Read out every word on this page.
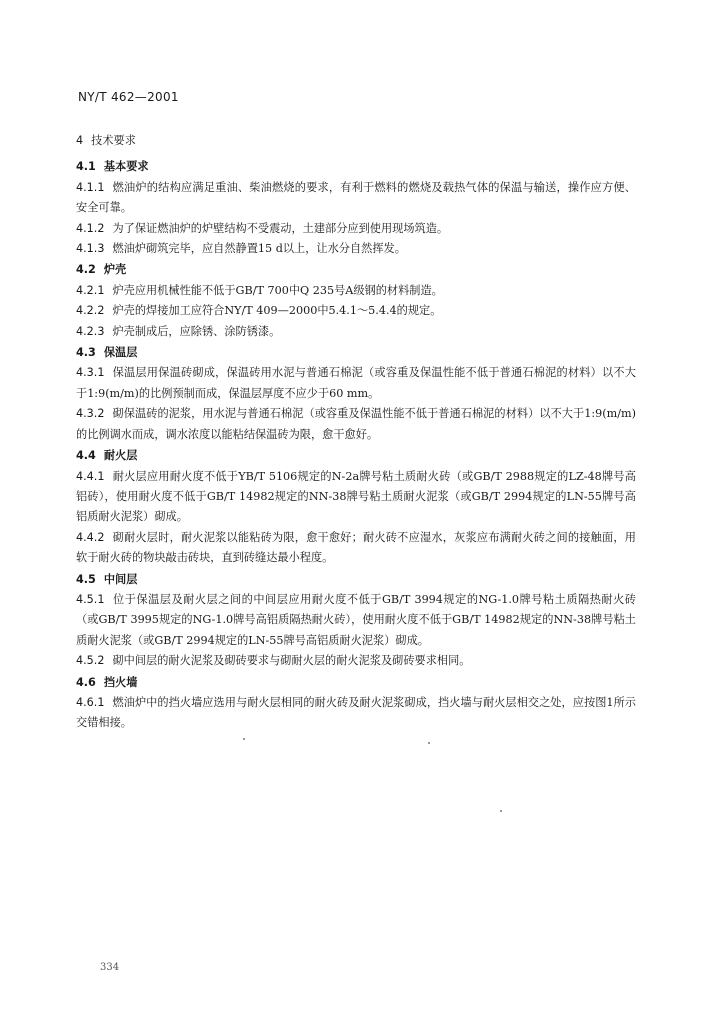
NY/T 462—2001

4 技术要求

4.1 基本要求

4.1.1 燃油炉的结构应满足重油、柴油燃烧的要求，有利于燃料的燃烧及载热气体的保温与输送，操作应方便、安全可靠。

4.1.2 为了保证燃油炉的炉壁结构不受震动，土建部分应到使用现场筑造。

4.1.3 燃油炉砌筑完毕，应自然静置15 d以上，让水分自然挥发。

4.2 炉壳

4.2.1 炉壳应用机械性能不低于GB/T 700中Q 235号A级钢的材料制造。

4.2.2 炉壳的焊接加工应符合NY/T 409—2000中5.4.1～5.4.4的规定。

4.2.3 炉壳制成后，应除锈、涂防锈漆。

4.3 保温层

4.3.1 保温层用保温砖砌成，保温砖用水泥与普通石棉泥（或容重及保温性能不低于普通石棉泥的材料）以不大于1:9(m/m)的比例预制而成，保温层厚度不应少于60 mm。

4.3.2 砌保温砖的泥浆，用水泥与普通石棉泥（或容重及保温性能不低于普通石棉泥的材料）以不大于1:9(m/m)的比例调水而成，调水浓度以能粘结保温砖为限，愈干愈好。

4.4 耐火层

4.4.1 耐火层应用耐火度不低于YB/T 5106规定的N-2a牌号粘土质耐火砖（或GB/T 2988规定的LZ-48牌号高铝砖），使用耐火度不低于GB/T 14982规定的NN-38牌号粘土质耐火泥浆（或GB/T 2994规定的LN-55牌号高铝质耐火泥浆）砌成。

4.4.2 砌耐火层时，耐火泥浆以能粘砖为限，愈干愈好；耐火砖不应湿水，灰浆应布满耐火砖之间的接触面，用软于耐火砖的物块敲击砖块，直到砖缝达最小程度。

4.5 中间层

4.5.1 位于保温层及耐火层之间的中间层应用耐火度不低于GB/T 3994规定的NG-1.0牌号粘土质隔热耐火砖（或GB/T 3995规定的NG-1.0牌号高铝质隔热耐火砖），使用耐火度不低于GB/T 14982规定的NN-38牌号粘土质耐火泥浆（或GB/T 2994规定的LN-55牌号高铝质耐火泥浆）砌成。

4.5.2 砌中间层的耐火泥浆及砌砖要求与砌耐火层的耐火泥浆及砌砖要求相同。

4.6 挡火墙

4.6.1 燃油炉中的挡火墙应选用与耐火层相同的耐火砖及耐火泥浆砌成，挡火墙与耐火层相交之处，应按图1所示交错相接。

334
